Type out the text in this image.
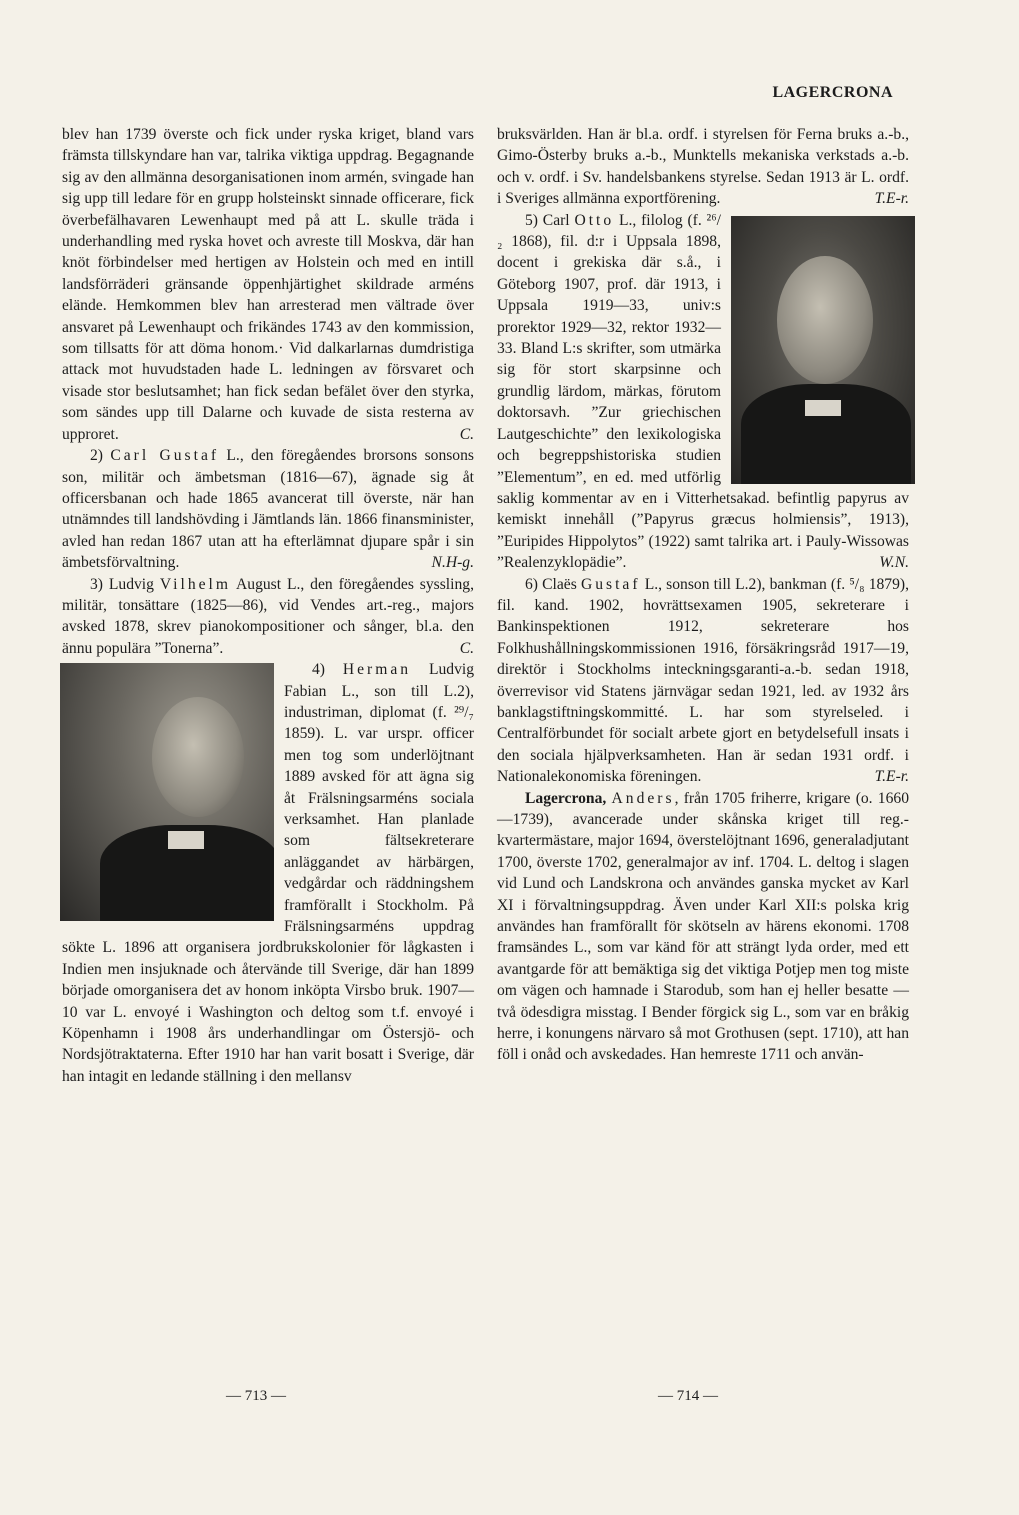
LAGERCRONA

blev han 1739 överste och fick under ryska kriget, bland vars främsta tillskyndare han var, talrika viktiga uppdrag. Begagnande sig av den allmänna desorganisationen inom armén, svingade han sig upp till ledare för en grupp holsteinskt sinnade officerare, fick överbefälhavaren Lewenhaupt med på att L. skulle träda i underhandling med ryska hovet och avreste till Moskva, där han knöt förbindelser med hertigen av Holstein och med en intill landsförräderi gränsande öppenhjärtighet skildrade arméns elände. Hemkommen blev han arresterad men vältrade över ansvaret på Lewenhaupt och frikändes 1743 av den kommission, som tillsatts för att döma honom.· Vid dalkarlarnas dumdristiga attack mot huvudstaden hade L. ledningen av försvaret och visade stor beslutsamhet; han fick sedan befälet över den styrka, som sändes upp till Dalarne och kuvade de sista resterna av upproret.	C.

2) Carl Gustaf L., den föregåendes brorsons sonsons son, militär och ämbetsman (1816—67), ägnade sig åt officersbanan och hade 1865 avancerat till överste, när han utnämndes till landshövding i Jämtlands län. 1866 finansminister, avled han redan 1867 utan att ha efterlämnat djupare spår i sin ämbetsförvaltning.	N.H-g.

3) Ludvig Vilhelm August L., den föregåendes syssling, militär, tonsättare (1825—86), vid Vendes art.-reg., majors avsked 1878, skrev pianokompositioner och sånger, bl.a. den ännu populära ”Tonerna”.	C.

4) Herman Ludvig Fabian L., son till L.2), industriman, diplomat (f. ²⁹/₇ 1859). L. var urspr. officer men tog som underlöjtnant 1889 avsked för att ägna sig åt Frälsningsarméns sociala verksamhet. Han planlade som fältsekreterare anläggandet av härbärgen, vedgårdar och räddningshem framförallt i Stockholm. På Frälsningsarméns uppdrag sökte L. 1896 att organisera jordbrukskolonier för lågkasten i Indien men insjuknade och återvände till Sverige, där han 1899 började omorganisera det av honom inköpta Virsbo bruk. 1907—10 var L. envoyé i Washington och deltog som t.f. envoyé i Köpenhamn i 1908 års underhandlingar om Östersjö- och Nordsjötraktaterna. Efter 1910 har han varit bosatt i Sverige, där han intagit en ledande ställning i den mellansv

bruksvärlden. Han är bl.a. ordf. i styrelsen för Ferna bruks a.-b., Gimo-Österby bruks a.-b., Munktells mekaniska verkstads a.-b. och v. ordf. i Sv. handelsbankens styrelse. Sedan 1913 är L. ordf. i Sveriges allmänna exportförening.	T.E-r.

5) Carl Otto L., filolog (f. ²⁶/₂ 1868), fil. d:r i Uppsala 1898, docent i grekiska där s.å., i Göteborg 1907, prof. där 1913, i Uppsala 1919—33, univ:s prorektor 1929—32, rektor 1932—33. Bland L:s skrifter, som utmärka sig för stort skarpsinne och grundlig lärdom, märkas, förutom doktorsavh. ”Zur griechischen Lautgeschichte” den lexikologiska och begreppshistoriska studien ”Elementum”, en ed. med utförlig saklig kommentar av en i Vitterhetsakad. befintlig papyrus av kemiskt innehåll (”Papyrus græcus holmiensis”, 1913), ”Euripides Hippolytos” (1922) samt talrika art. i Pauly-Wissowas ”Realenzyklopädie”.	W.N.

6) Claës Gustaf L., sonson till L.2), bankman (f. ⁵/₈ 1879), fil. kand. 1902, hovrättsexamen 1905, sekreterare i Bankinspektionen 1912, sekreterare hos Folkhushållningskommissionen 1916, försäkringsråd 1917—19, direktör i Stockholms inteckningsgaranti-a.-b. sedan 1918, överrevisor vid Statens järnvägar sedan 1921, led. av 1932 års banklagstiftningskommitté. L. har som styrelseled. i Centralförbundet för socialt arbete gjort en betydelsefull insats i den sociala hjälpverksamheten. Han är sedan 1931 ordf. i Nationalekonomiska föreningen.	T.E-r.

Lagercrona, Anders, från 1705 friherre, krigare (o. 1660—1739), avancerade under skånska kriget till reg.-kvartermästare, major 1694, överstelöjtnant 1696, generaladjutant 1700, överste 1702, generalmajor av inf. 1704. L. deltog i slagen vid Lund och Landskrona och användes ganska mycket av Karl XI i förvaltningsuppdrag. Även under Karl XII:s polska krig användes han framförallt för skötseln av härens ekonomi. 1708 framsändes L., som var känd för att strängt lyda order, med ett avantgarde för att bemäktiga sig det viktiga Potjep men tog miste om vägen och hamnade i Starodub, som han ej heller besatte — två ödesdigra misstag. I Bender förgick sig L., som var en bråkig herre, i konungens närvaro så mot Grothusen (sept. 1710), att han föll i onåd och avskedades. Han hemreste 1711 och använ-

— 713 —	— 714 —
